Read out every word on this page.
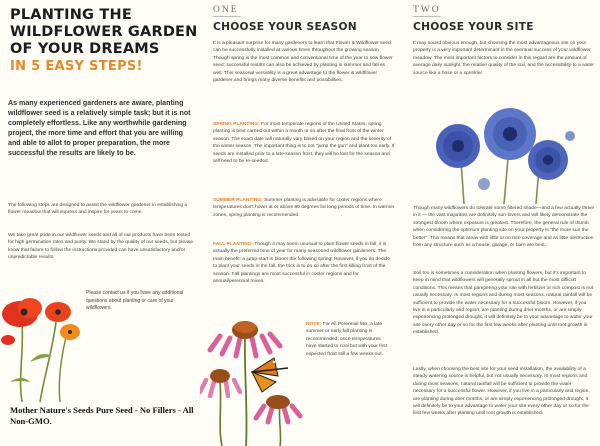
PLANTING THE WILDFLOWER GARDEN OF YOUR DREAMS
IN 5 EASY STEPS!

As many experienced gardeners are aware, planting wildflower seed is a relatively simple task; but it is not completely effortless. Like any worthwhile gardening project, the more time and effort that you are willing and able to allot to proper preparation, the more successful the results are likely to be.

The following steps are designed to assist the wildflower gardener in establishing a flower meadow that will impress and inspire for years to come.

We take great pride in our wildflower seeds and all of our products have been tested for high germination rates and purity. We stand by the quality of our seeds, but please know that failure to follow the instructions provided can have unsatisfactory and/or unpredictable results.

Please contact us if you have any additional questions about planting or care of your wildflowers.

Mother Nature's Seeds Pure Seed - No Fillers - All Non-GMO.
ONE
CHOOSE YOUR SEASON

It is a pleasant surprise for many gardeners to learn that Flower & Wildflower seed can be successfully installed at various times throughout the growing season. Though spring is the most common and conventional time of the year to sow flower seed; successful results can also be achieved by planting in summer and fall as well. This seasonal versatility is a great advantage to the flower & wildflower gardener and brings many diverse benefits and possibilities.

SPRING PLANTING: For most temperate regions of the United States, spring planting is best carried out within a month or so after the final frost of the winter season. The exact date will naturally vary based on your region and the severity of the winter season. The important thing is to not "jump the gun" and plant too early. If seeds are installed prior to a late-season frost, they will be lost for the season and will need to be re-seeded.

SUMMER PLANTING: Summer planting is advisable for cooler regions where temperatures don't hover at or above 80 degrees for long periods of time. In warmer zones, spring planting is recommended.

FALL PLANTING: Though it may seem unusual to plant flower seeds in fall, it is actually the preferred time of year for many seasoned wildflower gardeners. The main benefit: a jump-start in bloom the following spring! However, if you do decide to plant your seeds in the fall, the trick is to do so after the first killing frost of the season. Fall plantings are most successful in cooler regions and for annual/perennial mixes.

NOTE: For All Perennial Mix, a late summer or early fall planting is recommended, once temperatures have started to cool but with your first expected frost still a few weeks out.

TWO
CHOOSE YOUR SITE

It may sound obvious enough, but choosing the most advantageous site on your property is a very important determinant in the eventual success of your wildflower meadow. The most important factors to consider in this regard are the amount of average daily sunlight, the relative quality of the soil, and the accessibility to a water source like a hose or a sprinkler.

Though many wildflowers do tolerate some filtered shade—and a few actually thrive in it — the vast majorities are definitely sun-lovers and will likely demonstrate the strongest bloom where exposure is greatest. Therefore, the general rule of thumb when considering the optimum planting site on your property is "the more sun the better". This means that areas with little or no tree coverage and as little obstruction from any structure such as a house, garage, or barn are best.

Soil too is sometimes a consideration when planting flowers, but it's important to keep in mind that wildflowers will generally sprout in all but the most difficult conditions. This means that pampering your site with fertilizer or rich compost is not usually necessary. In most regions and during most seasons, natural rainfall will be sufficient to provide the water necessary for a successful bloom. However, if you live in a particularly arid region, are planting during drier months, or are simply experiencing prolonged drought, it will definitely be to your advantage to water your site every other day or so for the first few weeks after planting until root growth is established.

Lastly, when choosing the best site for your seed installation, the availability of a steady watering source is helpful, but not usually necessary. In most regions and during most seasons, natural rainfall will be sufficient to provide the water necessary for a successful flower. However, if you live in a particularly arid region, are planting during drier months, or are simply experiencing prolonged drought, it will definitely be to your advantage to water your site every other day or so for the first few weeks after planting until root growth is established.
